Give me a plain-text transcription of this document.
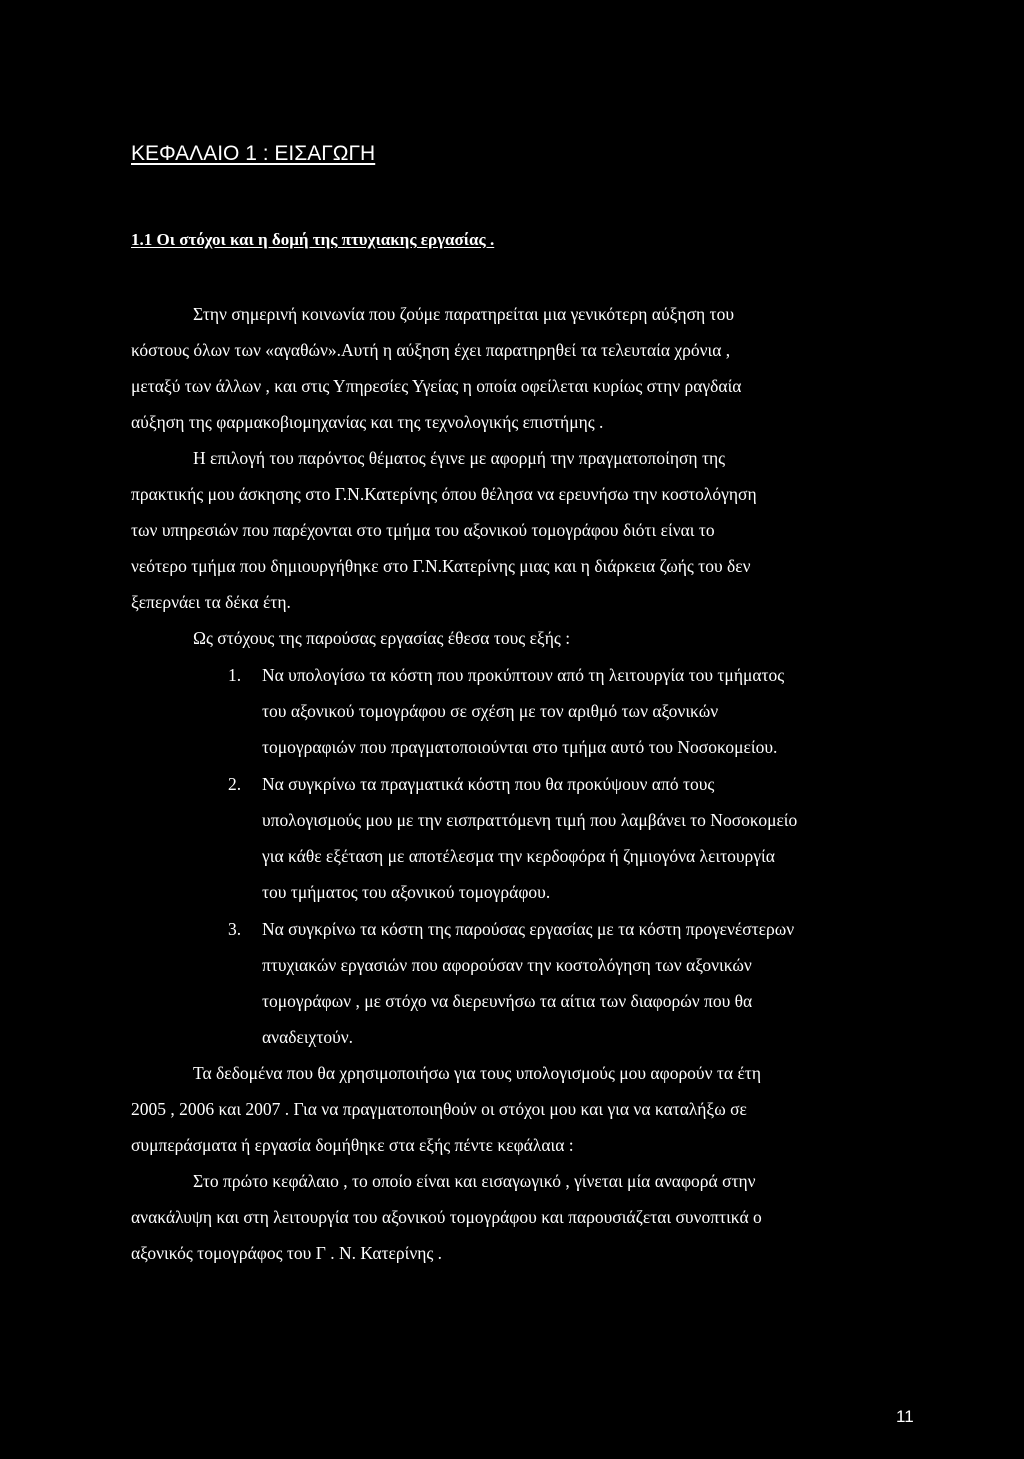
ΚΕΦΑΛΑΙΟ 1 : ΕΙΣΑΓΩΓΗ
1.1 Οι στόχοι και η δομή της πτυχιακης εργασίας .
Στην σημερινή κοινωνία που ζούμε παρατηρείται μια γενικότερη αύξηση του
κόστους όλων των «αγαθών».Αυτή η αύξηση έχει παρατηρηθεί τα τελευταία χρόνια ,
μεταξύ των άλλων , και στις Υπηρεσίες Υγείας η οποία οφείλεται κυρίως στην ραγδαία
αύξηση της φαρμακοβιομηχανίας και της τεχνολογικής επιστήμης .
Η επιλογή του παρόντος θέματος έγινε με αφορμή την πραγματοποίηση της
πρακτικής μου άσκησης στο Γ.Ν.Κατερίνης όπου θέλησα να ερευνήσω την κοστολόγηση
των υπηρεσιών που παρέχονται στο τμήμα του αξονικού τομογράφου διότι είναι το
νεότερο τμήμα που δημιουργήθηκε στο Γ.Ν.Κατερίνης μιας και η διάρκεια ζωής του δεν
ξεπερνάει τα δέκα έτη.
Ως στόχους της παρούσας εργασίας έθεσα τους εξής :
1. Να υπολογίσω τα κόστη που προκύπτουν από τη λειτουργία του τμήματος
του αξονικού τομογράφου σε σχέση με τον αριθμό των αξονικών
τομογραφιών που πραγματοποιούνται στο τμήμα αυτό του Νοσοκομείου.
2. Να συγκρίνω τα πραγματικά κόστη που θα προκύψουν από τους
υπολογισμούς μου με την εισπραττόμενη τιμή που λαμβάνει το Νοσοκομείο
για κάθε εξέταση με αποτέλεσμα την κερδοφόρα ή ζημιογόνα λειτουργία
του τμήματος του αξονικού τομογράφου.
3. Να συγκρίνω τα κόστη της παρούσας εργασίας με τα κόστη προγενέστερων
πτυχιακών εργασιών που αφορούσαν την κοστολόγηση των αξονικών
τομογράφων , με στόχο να διερευνήσω τα αίτια των διαφορών που θα
αναδειχτούν.
Τα δεδομένα που θα χρησιμοποιήσω για τους υπολογισμούς μου αφορούν τα έτη
2005 , 2006 και 2007 . Για να πραγματοποιηθούν οι στόχοι μου και για να καταλήξω σε
συμπεράσματα ή εργασία δομήθηκε στα εξής πέντε κεφάλαια :
Στο πρώτο κεφάλαιο , το οποίο είναι και εισαγωγικό , γίνεται μία αναφορά στην
ανακάλυψη και στη λειτουργία του αξονικού τομογράφου και παρουσιάζεται συνοπτικά ο
αξονικός τομογράφος του Γ . Ν. Κατερίνης .
11
